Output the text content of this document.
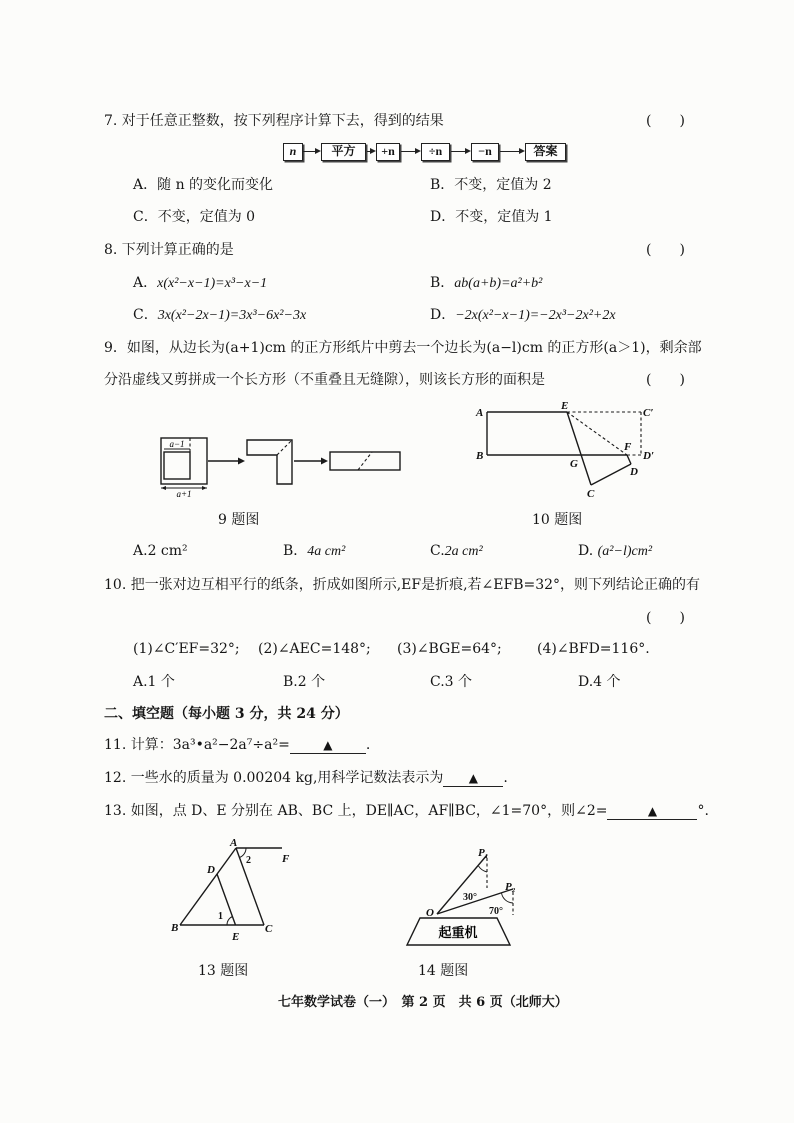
7. 对于任意正整数，按下列程序计算下去，得到的结果	(　　)
n	平方	+n	÷n	−n	答案
A．随 n 的变化而变化	B．不变，定值为 2
C．不变，定值为 0	D．不变，定值为 1
8. 下列计算正确的是	(　　)
A．x(x²−x−1)=x³−x−1	B．ab(a+b)=a²+b²
C．3x(x²−2x−1)=3x³−6x²−3x	D．−2x(x²−x−1)=−2x³−2x²+2x
9．如图，从边长为(a+1)cm 的正方形纸片中剪去一个边长为(a−l)cm 的正方形(a＞1)，剩余部
分沿虚线又剪拼成一个长方形（不重叠且无缝隙），则该长方形的面积是	(　　)
a−1
a+1
A
E
C′
F
D′
B
G
D
C
9 题图	10 题图
A.2 cm²	B．4a cm²	C.2a cm²	D. (a²−l)cm²
10. 把一张对边互相平行的纸条，折成如图所示,EF是折痕,若∠EFB=32°，则下列结论正确的有
(　　)
(1)∠C′EF=32°; (2)∠AEC=148°; (3)∠BGE=64°;	(4)∠BFD=116°.
A.1 个	B.2 个	C.3 个	D.4 个
二、填空题（每小题 3 分，共 24 分）
11. 计算：3a³•a²−2a⁷÷a²=	▲ .
12. 一些水的质量为 0.00204 kg,用科学记数法表示为 ▲ .
13. 如图，点 D、E 分别在 AB、BC 上，DE∥AC，AF∥BC，∠1=70°，则∠2=	▲	°.
A
D
B
E
C
F
1
2
起重机
O
P₁
P₂
30°
70°
13 题图	14 题图
七年数学试卷（一）　第 2 页　共 6 页（北师大）
